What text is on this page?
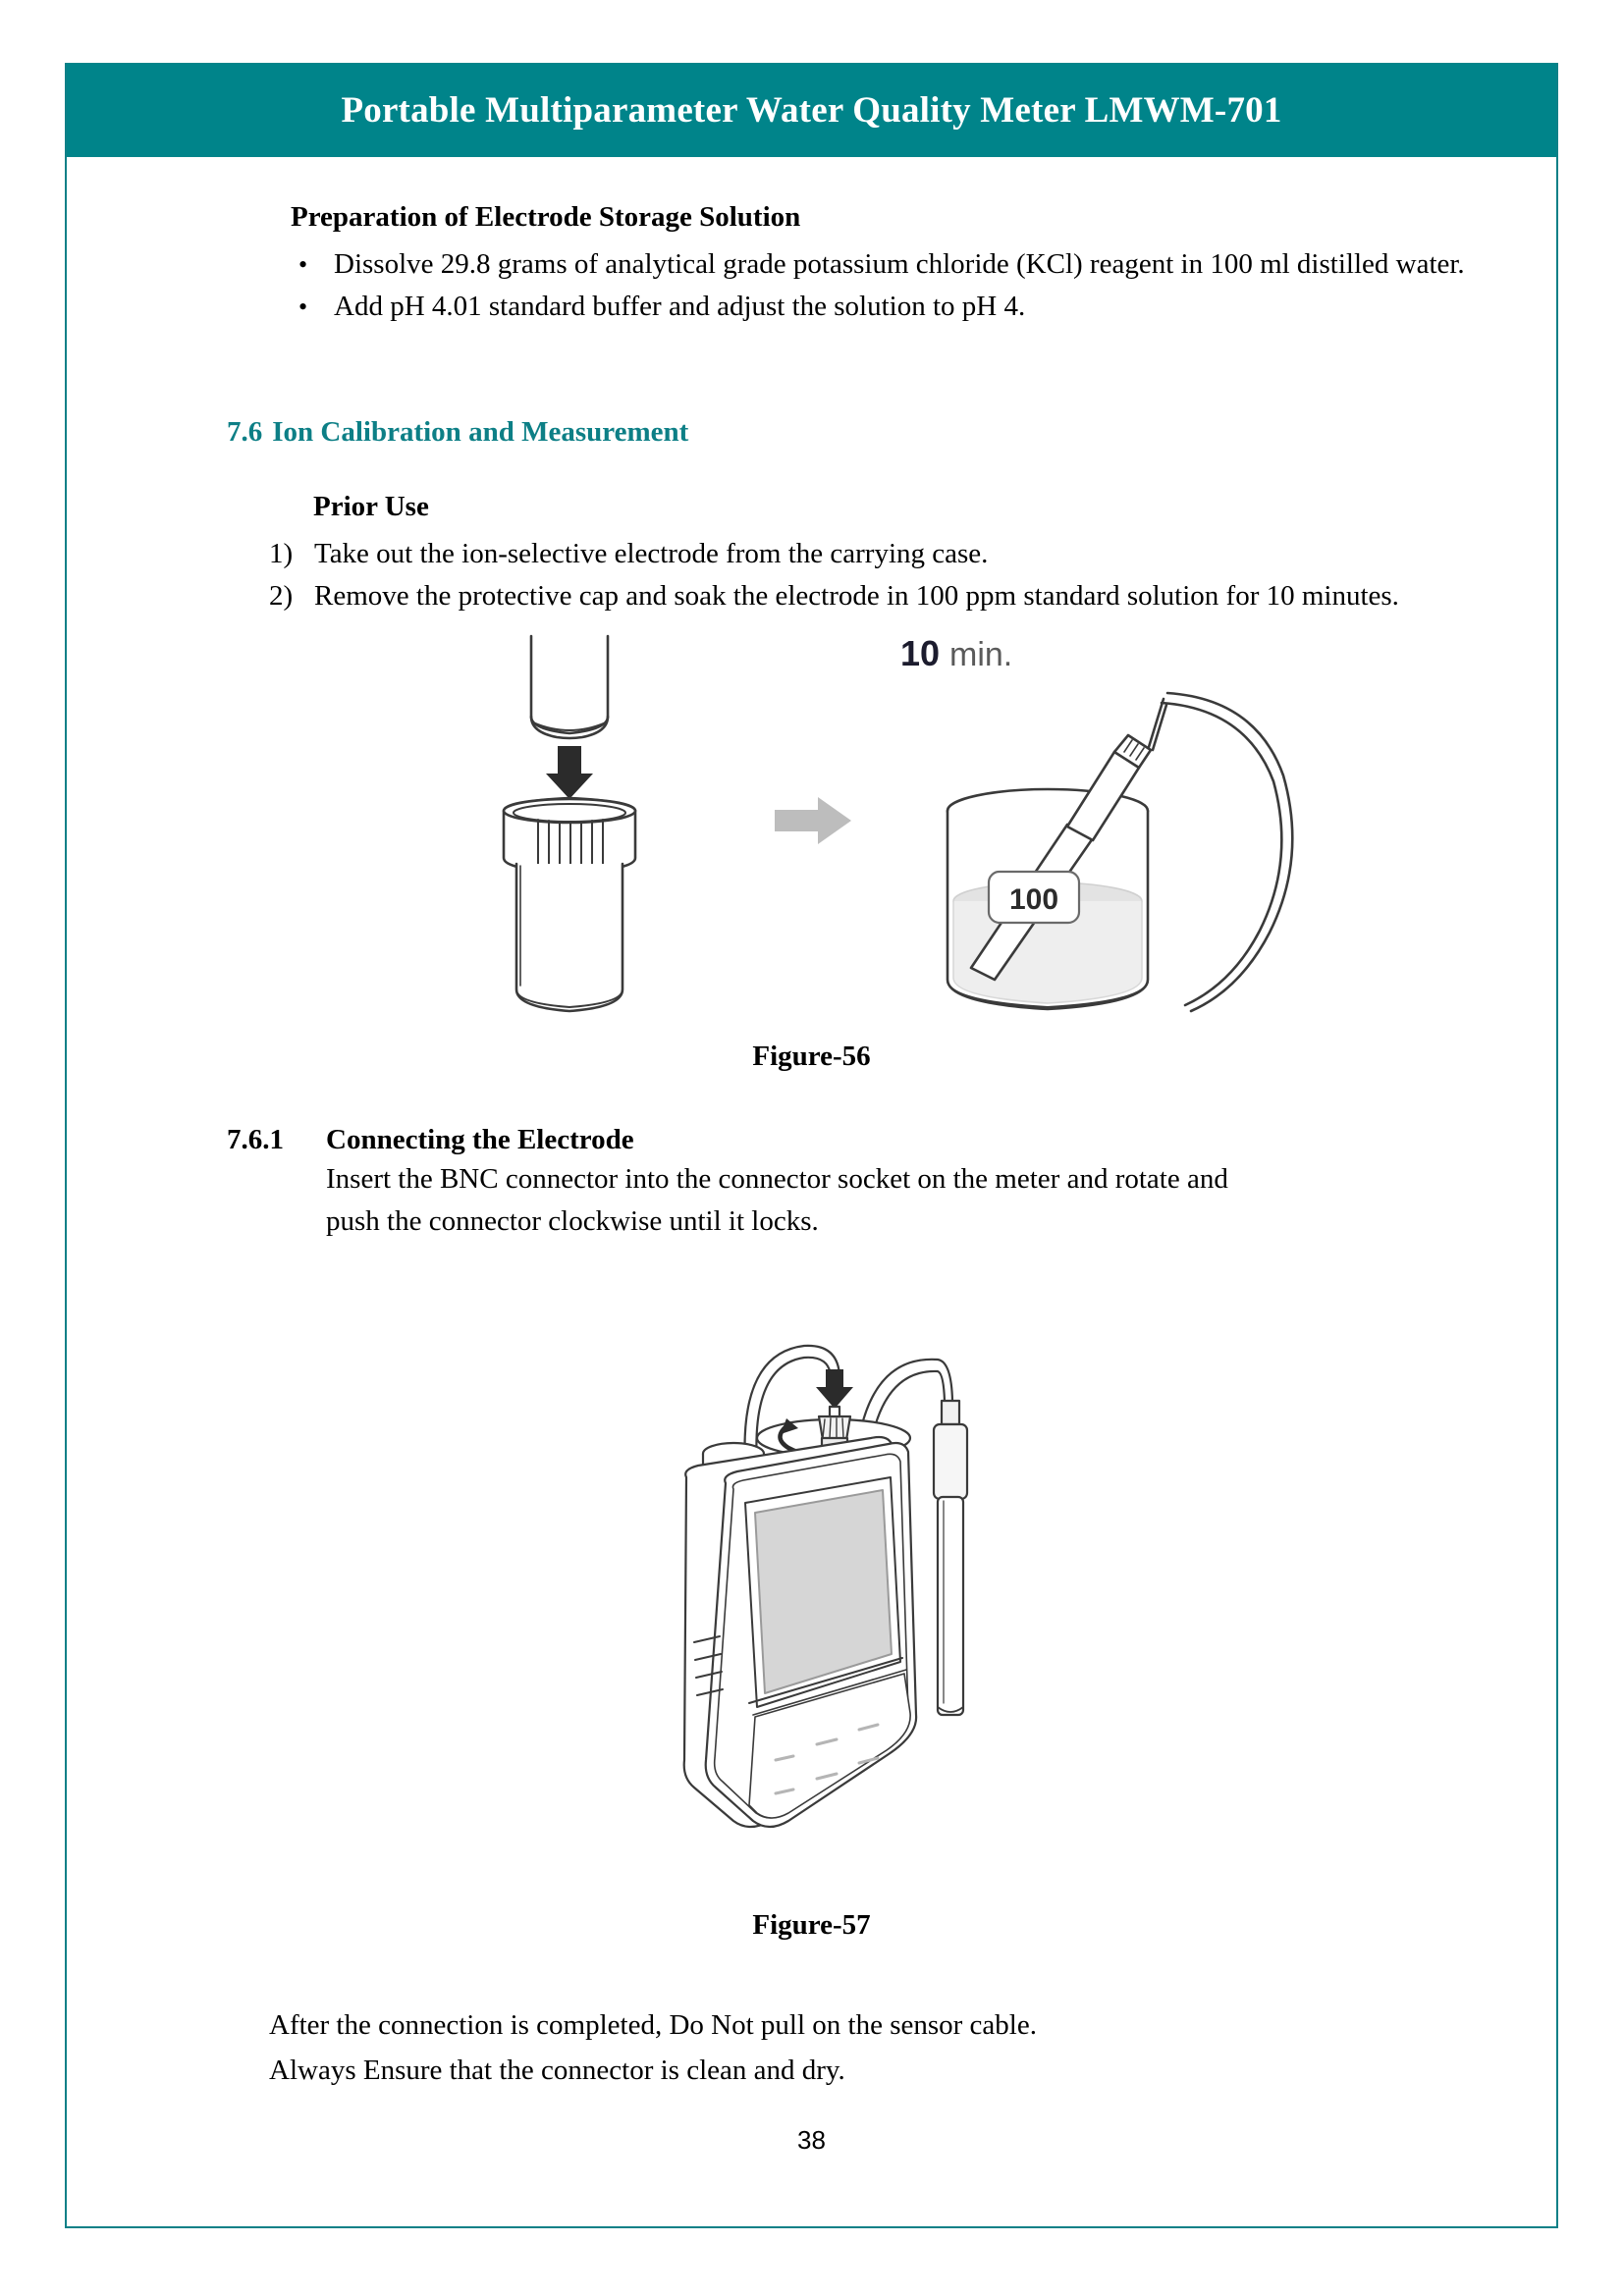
Portable Multiparameter Water Quality Meter LMWM-701
Preparation of Electrode Storage Solution
• Dissolve 29.8 grams of analytical grade potassium chloride (KCl) reagent in 100 ml distilled water.
• Add pH 4.01 standard buffer and adjust the solution to pH 4.
7.6 Ion Calibration and Measurement
Prior Use
1) Take out the ion-selective electrode from the carrying case.
2) Remove the protective cap and soak the electrode in 100 ppm standard solution for 10 minutes.
10 min.
100
Figure-56
7.6.1	Connecting the Electrode
Insert the BNC connector into the connector socket on the meter and rotate and
push the connector clockwise until it locks.
Figure-57
After the connection is completed, Do Not pull on the sensor cable.
Always Ensure that the connector is clean and dry.
38
